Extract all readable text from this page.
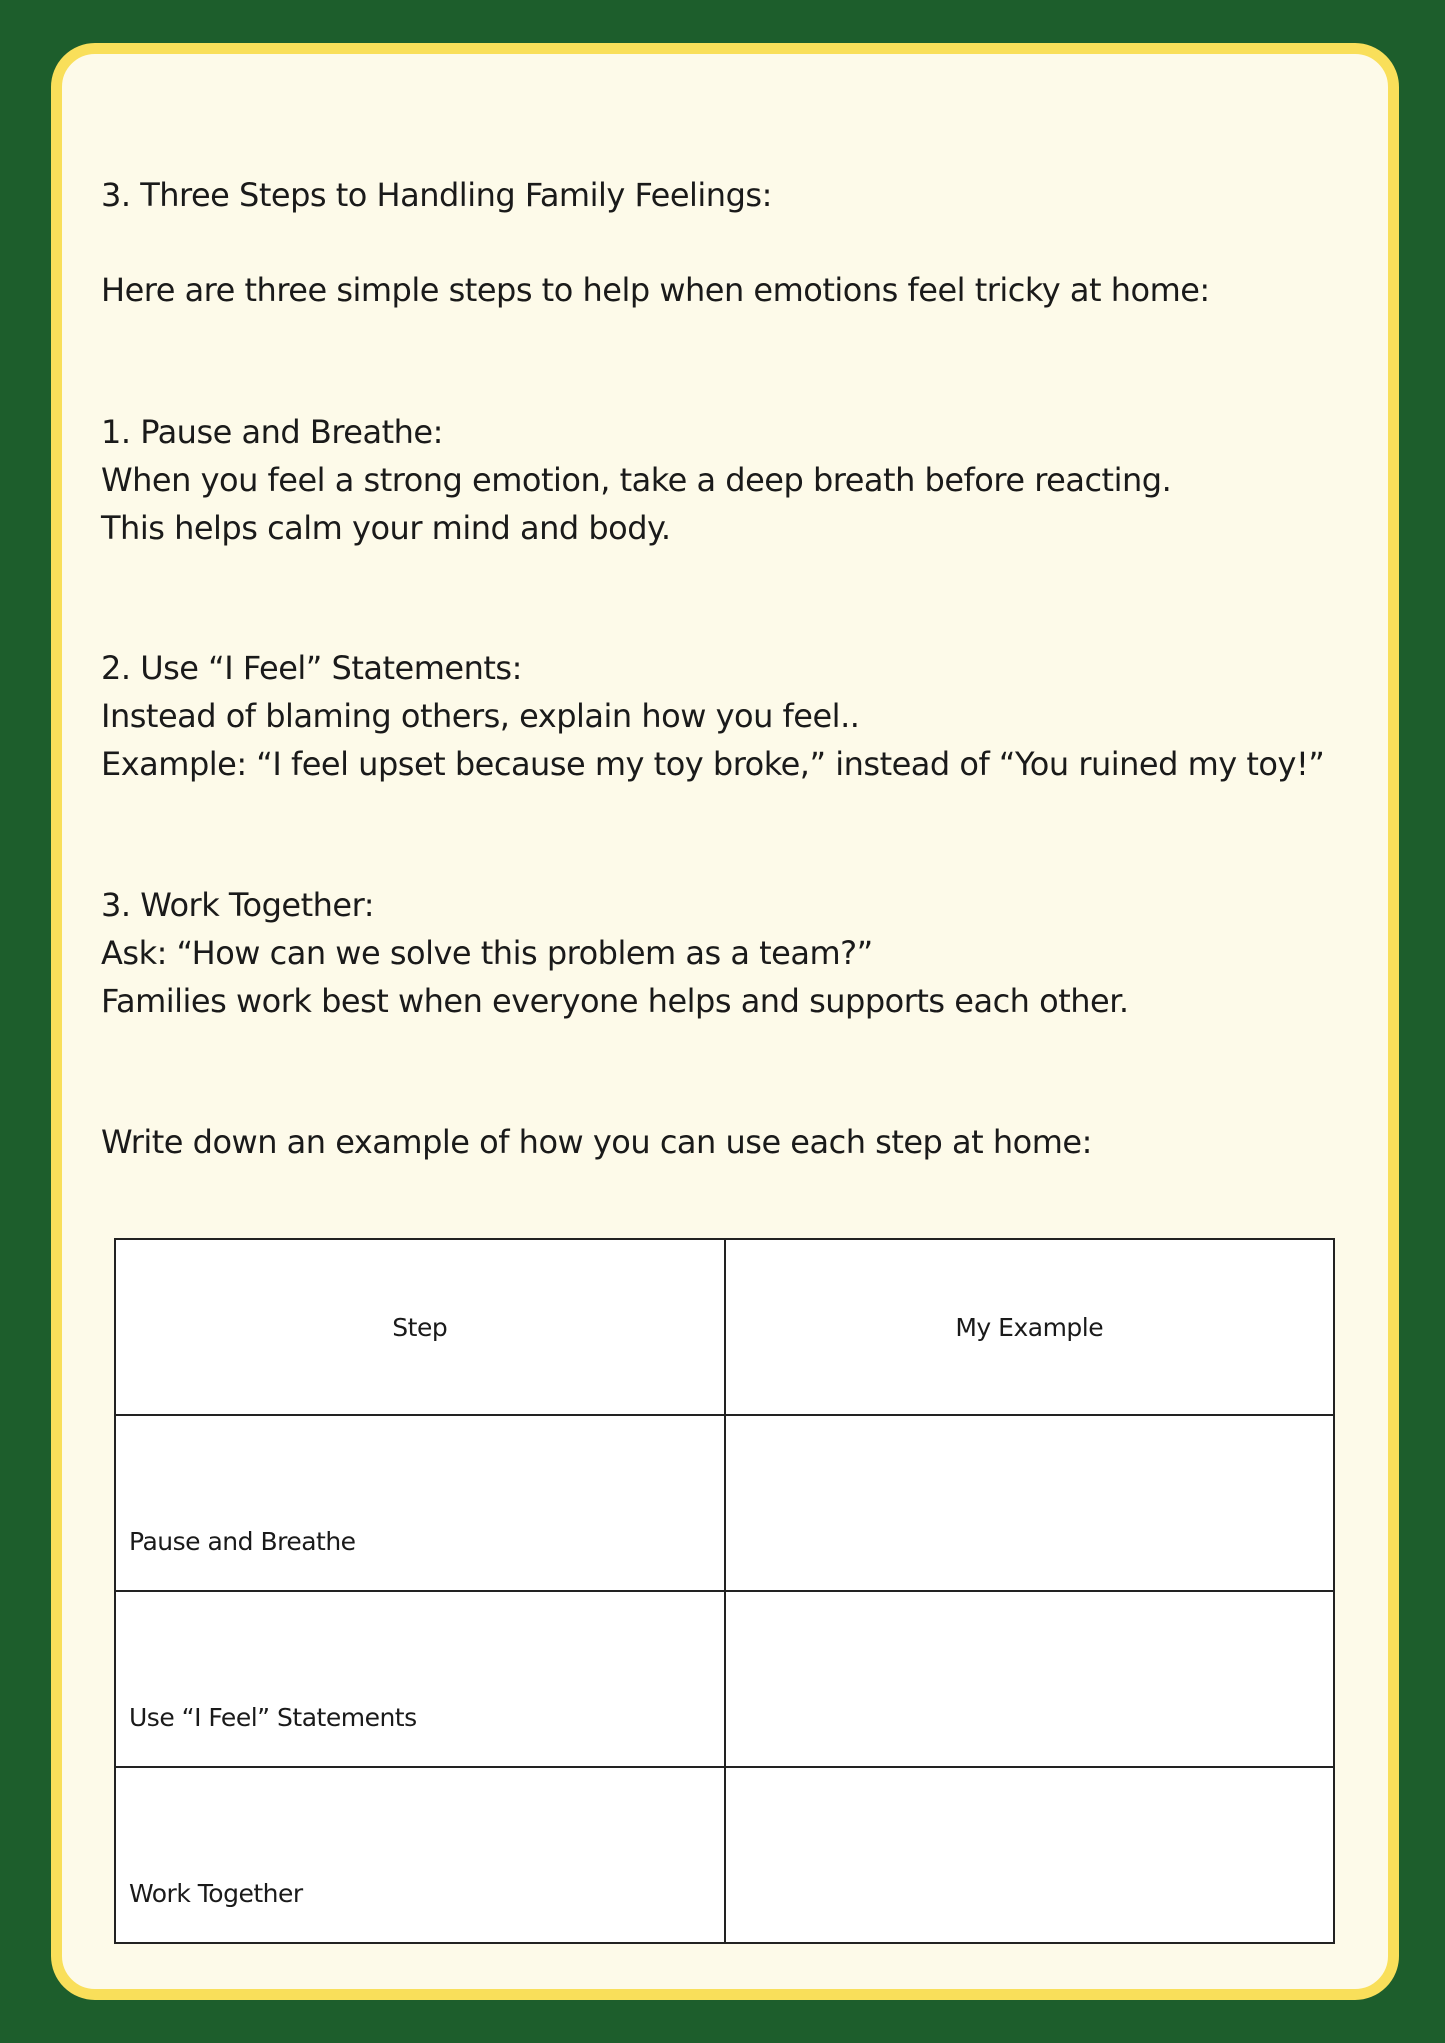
3. Three Steps to Handling Family Feelings:
Here are three simple steps to help when emotions feel tricky at home:
1. Pause and Breathe:
When you feel a strong emotion, take a deep breath before reacting.
This helps calm your mind and body.
2. Use “I Feel” Statements:
Instead of blaming others, explain how you feel..
Example: “I feel upset because my toy broke,” instead of “You ruined my toy!”
3. Work Together:
Ask: “How can we solve this problem as a team?”
Families work best when everyone helps and supports each other.
Write down an example of how you can use each step at home:
Step	My Example

Pause and Breathe	

Use “I Feel” Statements	

Work Together	
